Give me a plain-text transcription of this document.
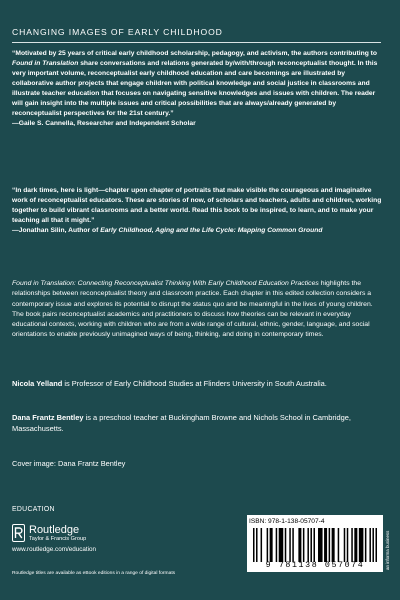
CHANGING IMAGES OF EARLY CHILDHOOD

“Motivated by 25 years of critical early childhood scholarship, pedagogy, and activism, the authors contributing to Found in Translation share conversations and relations generated by/with/through reconceptualist thought. In this very important volume, reconceptualist early childhood education and care becomings are illustrated by collaborative author projects that engage children with political knowledge and social justice in classrooms and illustrate teacher education that focuses on navigating sensitive knowledges and issues with children. The reader will gain insight into the multiple issues and critical possibilities that are always/already generated by reconceptualist perspectives for the 21st century.”

—Gaile S. Cannella, Researcher and Independent Scholar

“In dark times, here is light—chapter upon chapter of portraits that make visible the courageous and imaginative work of reconceptualist educators. These are stories of now, of scholars and teachers, adults and children, working together to build vibrant classrooms and a better world. Read this book to be inspired, to learn, and to make your teaching all that it might.”

—Jonathan Silin, Author of Early Childhood, Aging and the Life Cycle: Mapping Common Ground

Found in Translation: Connecting Reconceptualist Thinking With Early Childhood Education Practices highlights the relationships between reconceptualist theory and classroom practice. Each chapter in this edited collection considers a contemporary issue and explores its potential to disrupt the status quo and be meaningful in the lives of young children. The book pairs reconceptualist academics and practitioners to discuss how theories can be relevant in everyday educational contexts, working with children who are from a wide range of cultural, ethnic, gender, language, and social orientations to enable previously unimagined ways of being, thinking, and doing in contemporary times.

Nicola Yelland is Professor of Early Childhood Studies at Flinders University in South Australia.

Dana Frantz Bentley is a preschool teacher at Buckingham Browne and Nichols School in Cambridge, Massachusetts.

Cover image: Dana Frantz Bentley
EDUCATION
Routledge
Taylor & Francis Group
www.routledge.com/education
Routledge titles are available as eBook editions in a range of digital formats
ISBN: 978-1-138-05707-4
9 781138 057074	an informa business
